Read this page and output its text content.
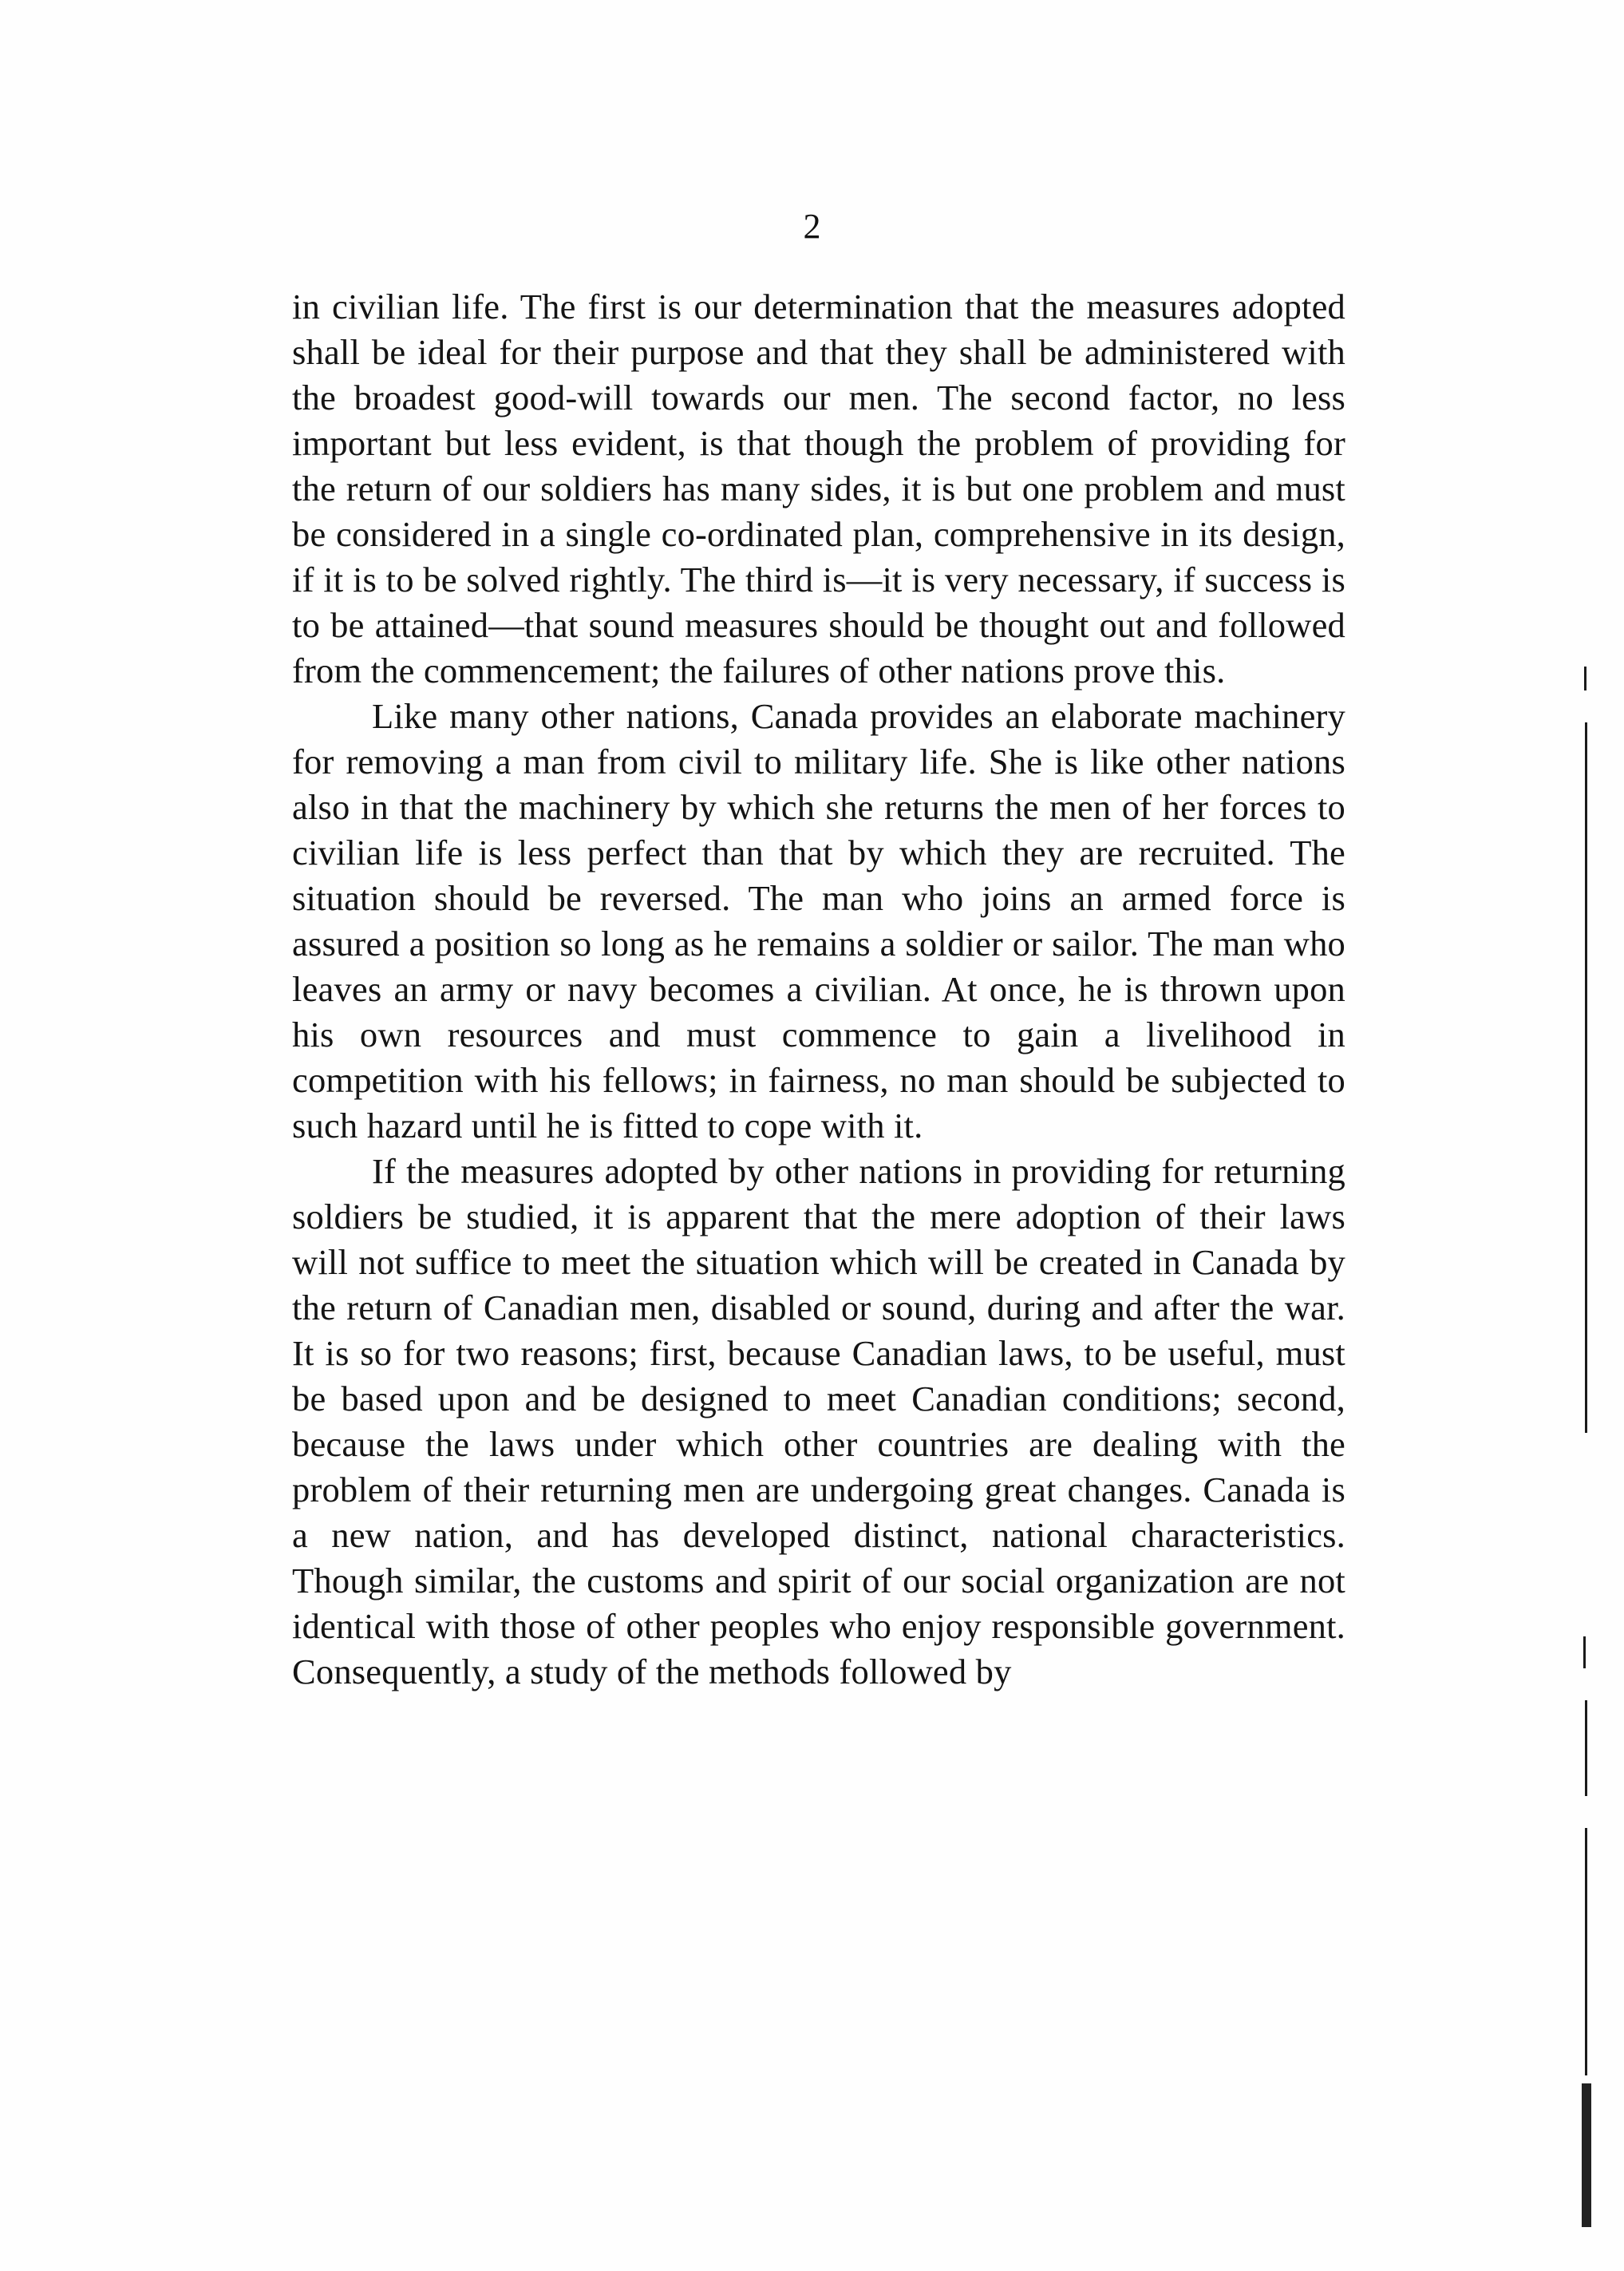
2

in civilian life. The first is our determination that the measures adopted shall be ideal for their purpose and that they shall be administered with the broadest good-will towards our men. The second factor, no less important but less evident, is that though the problem of providing for the return of our soldiers has many sides, it is but one problem and must be considered in a single co-ordinated plan, comprehensive in its design, if it is to be solved rightly. The third is—it is very necessary, if success is to be attained—that sound measures should be thought out and followed from the commencement; the failures of other nations prove this.

Like many other nations, Canada provides an elaborate machinery for removing a man from civil to military life. She is like other nations also in that the machinery by which she returns the men of her forces to civilian life is less perfect than that by which they are recruited. The situation should be reversed. The man who joins an armed force is assured a position so long as he remains a soldier or sailor. The man who leaves an army or navy becomes a civilian. At once, he is thrown upon his own resources and must commence to gain a livelihood in competition with his fellows; in fairness, no man should be subjected to such hazard until he is fitted to cope with it.

If the measures adopted by other nations in providing for returning soldiers be studied, it is apparent that the mere adoption of their laws will not suffice to meet the situation which will be created in Canada by the return of Canadian men, disabled or sound, during and after the war. It is so for two reasons; first, because Canadian laws, to be useful, must be based upon and be designed to meet Canadian conditions; second, because the laws under which other countries are dealing with the problem of their returning men are undergoing great changes. Canada is a new nation, and has developed distinct, national characteristics. Though similar, the customs and spirit of our social organization are not identical with those of other peoples who enjoy responsible government. Consequently, a study of the methods followed by
